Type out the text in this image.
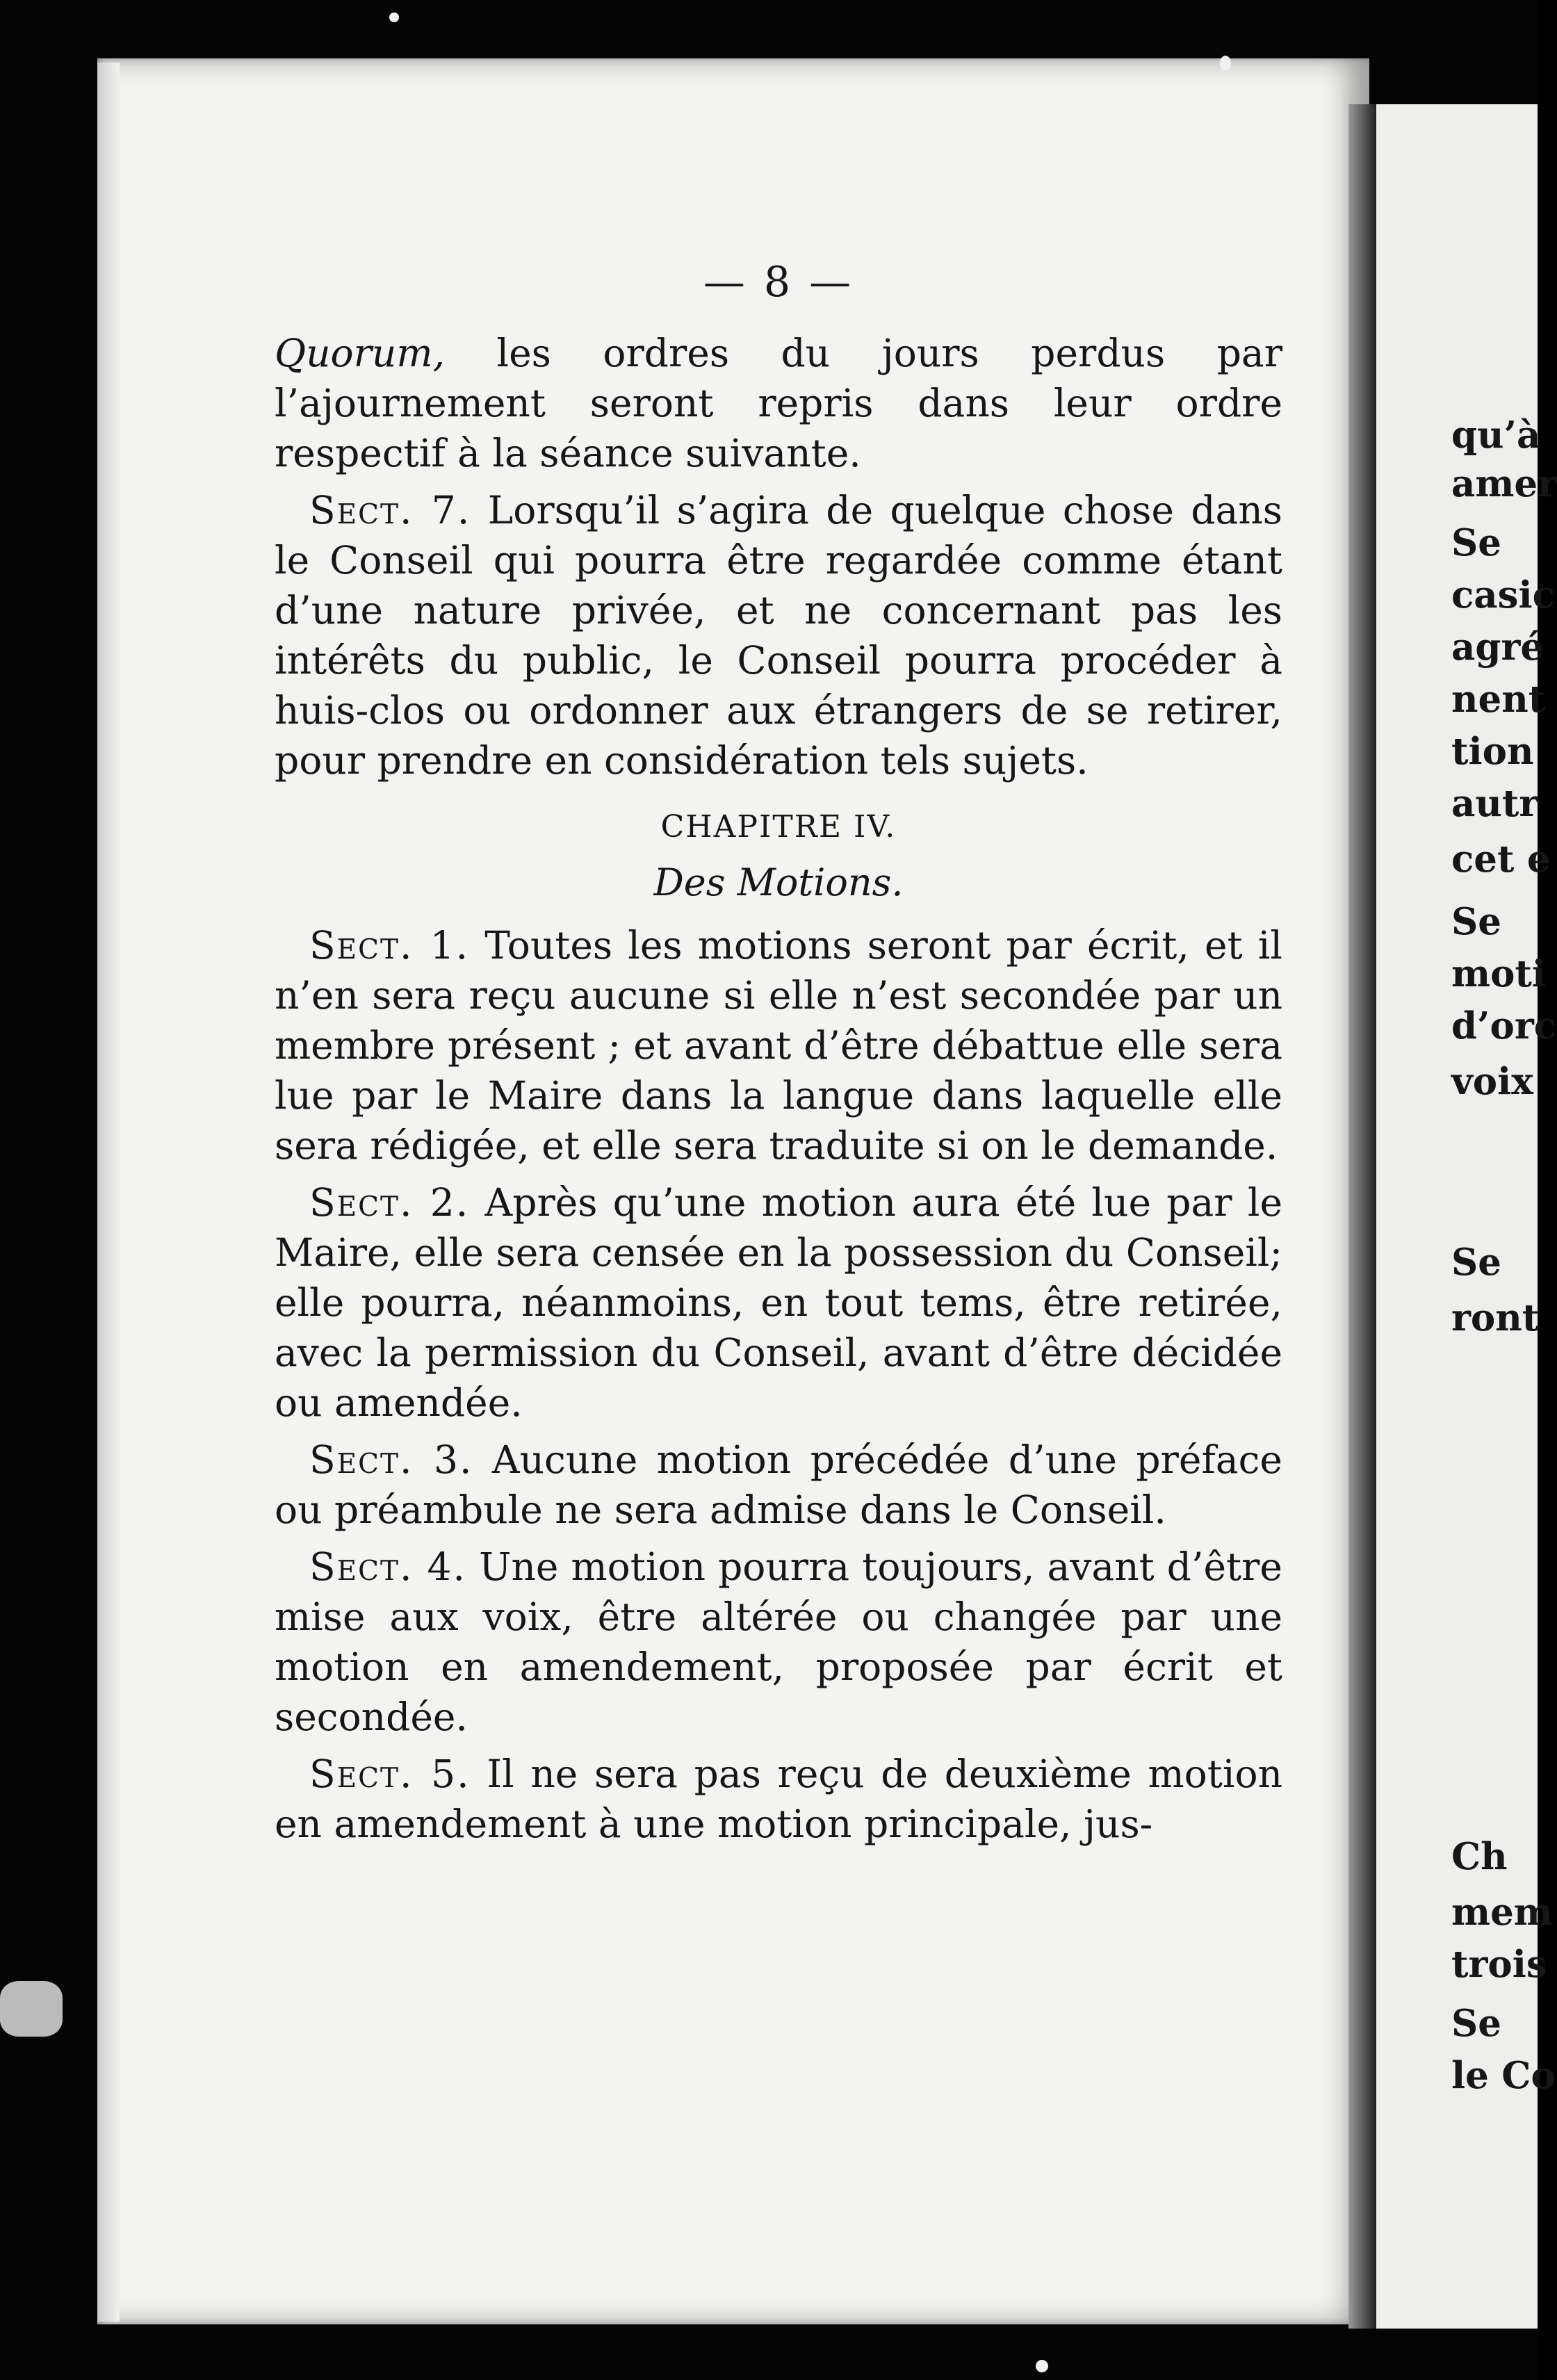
— 8 —

Quorum, les ordres du jours perdus par l’ajournement seront repris dans leur ordre respectif à la séance suivante.

Sect. 7. Lorsqu’il s’agira de quelque chose dans le Conseil qui pourra être regardée comme étant d’une nature privée, et ne concernant pas les intérêts du public, le Conseil pourra procéder à huis-clos ou ordonner aux étrangers de se retirer, pour prendre en considération tels sujets.

CHAPITRE IV.
Des Motions.

Sect. 1. Toutes les motions seront par écrit, et il n’en sera reçu aucune si elle n’est secondée par un membre présent ; et avant d’être débattue elle sera lue par le Maire dans la langue dans laquelle elle sera rédigée, et elle sera traduite si on le demande.

Sect. 2. Après qu’une motion aura été lue par le Maire, elle sera censée en la possession du Conseil; elle pourra, néanmoins, en tout tems, être retirée, avec la permission du Conseil, avant d’être décidée ou amendée.

Sect. 3. Aucune motion précédée d’une préface ou préambule ne sera admise dans le Conseil.

Sect. 4. Une motion pourra toujours, avant d’être mise aux voix, être altérée ou changée par une motion en amendement, proposée par écrit et secondée.

Sect. 5. Il ne sera pas reçu de deuxième motion en amendement à une motion principale, jus-

qu’à
amer
Se
casic
agré
nent
tion
autr
cet e
Se
moti
d’orc
voix
Se
ront
Ch
mem
trois
Se
le Co
